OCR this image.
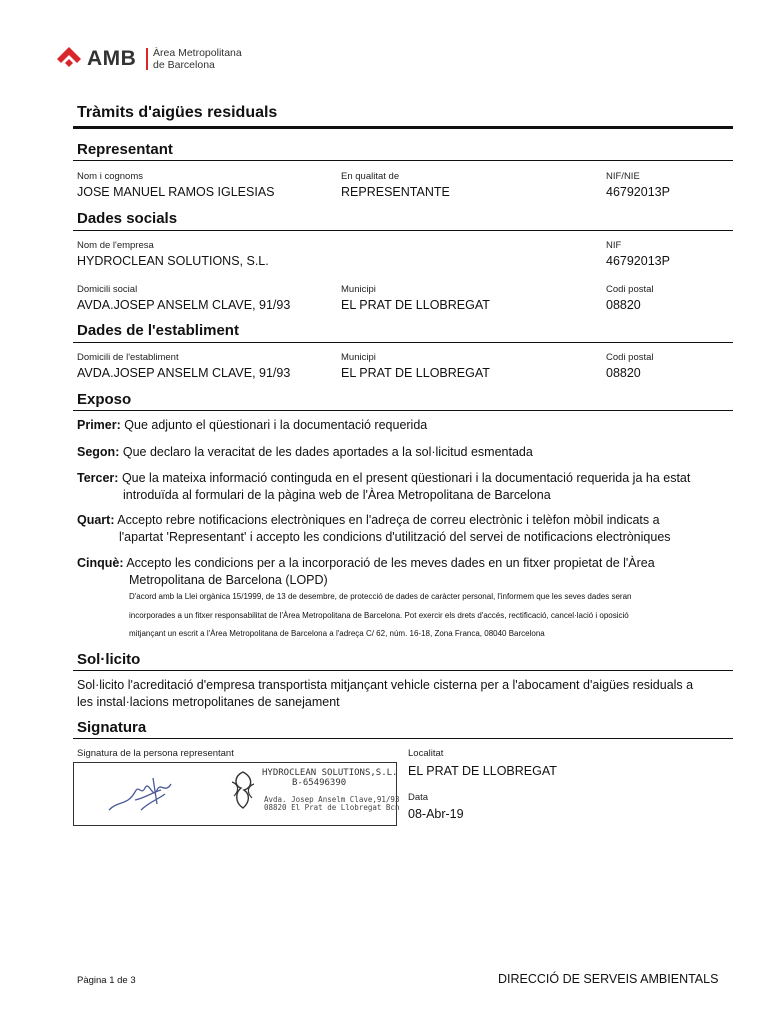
AMB Àrea Metropolitana
de Barcelona
Tràmits d'aigües residuals
Representant
Nom i cognoms
JOSE MANUEL RAMOS IGLESIAS
En qualitat de
REPRESENTANTE
NIF/NIE
46792013P
Dades socials
Nom de l'empresa
HYDROCLEAN SOLUTIONS, S.L.
NIF
46792013P
Domicili social
AVDA.JOSEP ANSELM CLAVE, 91/93
Municipi
EL PRAT DE LLOBREGAT
Codi postal
08820
Dades de l'establiment
Domicili de l'establiment
AVDA.JOSEP ANSELM CLAVE, 91/93
Municipi
EL PRAT DE LLOBREGAT
Codi postal
08820
Exposo
Primer: Que adjunto el qüestionari i la documentació requerida
Segon: Que declaro la veracitat de les dades aportades a la sol·licitud esmentada
Tercer: Que la mateixa informació continguda en el present qüestionari i la documentació requerida ja ha estat
introduïda al formulari de la pàgina web de l'Àrea Metropolitana de Barcelona
Quart: Accepto rebre notificacions electròniques en l'adreça de correu electrònic i telèfon mòbil indicats a
l'apartat 'Representant' i accepto les condicions d'utilització del servei de notificacions electròniques
Cinquè: Accepto les condicions per a la incorporació de les meves dades en un fitxer propietat de l'Àrea
Metropolitana de Barcelona (LOPD)
D'acord amb la Llei orgànica 15/1999, de 13 de desembre, de protecció de dades de caràcter personal, l'informem que les seves dades seran
incorporades a un fitxer responsabilitat de l'Àrea Metropolitana de Barcelona. Pot exercir els drets d'accés, rectificació, cancel·lació i oposició
mitjançant un escrit a l'Àrea Metropolitana de Barcelona a l'adreça C/ 62, núm. 16-18, Zona Franca, 08040 Barcelona
Sol·licito
Sol·licito l'acreditació d'empresa transportista mitjançant vehicle cisterna per a l'abocament d'aigües residuals a
les instal·lacions metropolitanes de sanejament
Signatura
Signatura de la persona representant
HYDROCLEAN SOLUTIONS,S.L.
B-65496390
Avda. Josep Anselm Clave,91/93
08820 El Prat de Llobregat Bcn
Localitat
EL PRAT DE LLOBREGAT
Data
08-Abr-19
Pàgina 1 de 3	DIRECCIÓ DE SERVEIS AMBIENTALS
